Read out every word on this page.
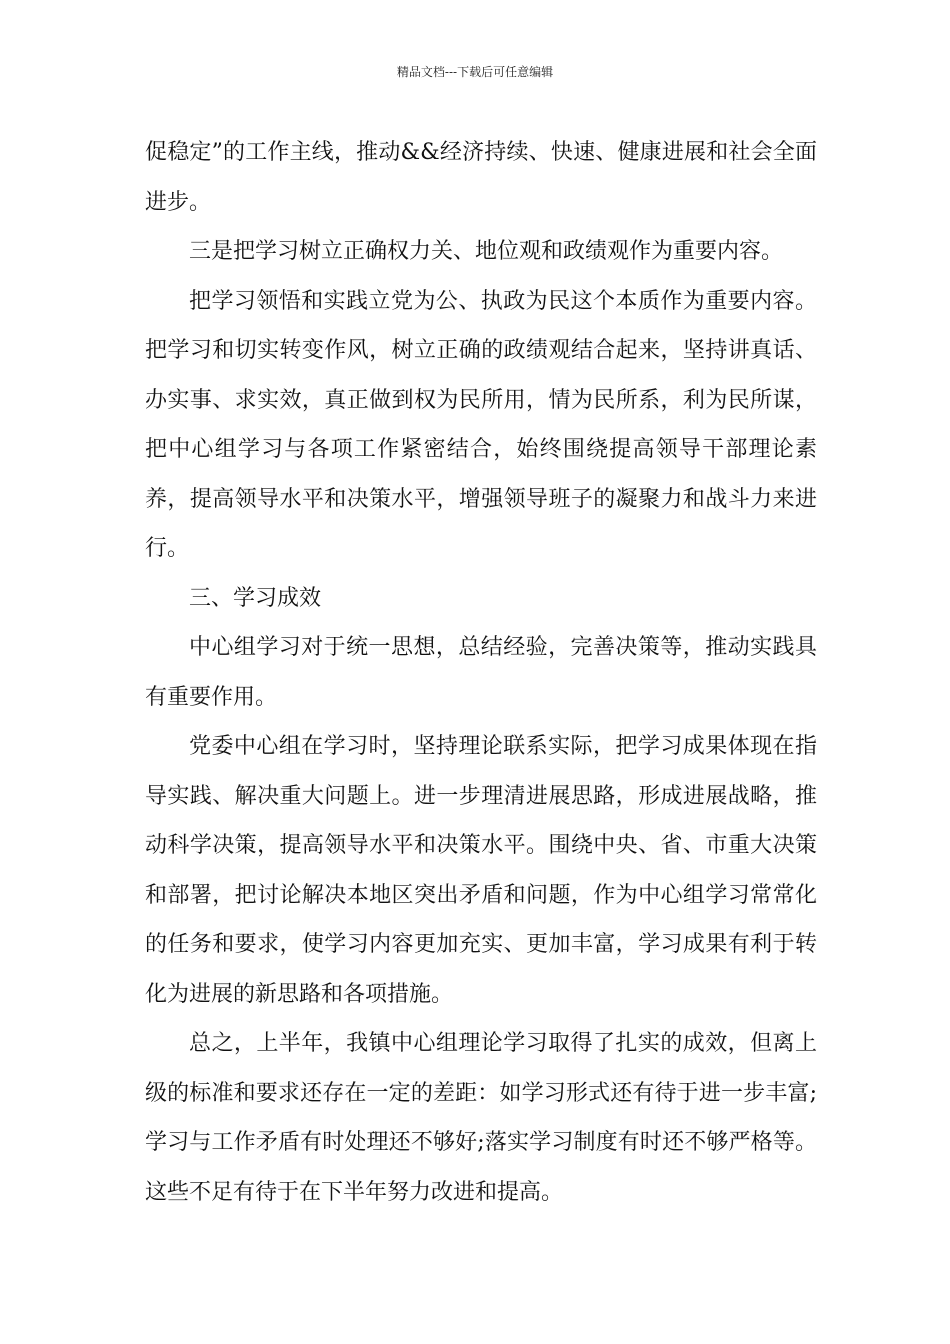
精品文档---下载后可任意编辑

促稳定”的工作主线，推动&&经济持续、快速、健康进展和社会全面进步。

三是把学习树立正确权力关、地位观和政绩观作为重要内容。

把学习领悟和实践立党为公、执政为民这个本质作为重要内容。把学习和切实转变作风，树立正确的政绩观结合起来，坚持讲真话、办实事、求实效，真正做到权为民所用，情为民所系，利为民所谋，把中心组学习与各项工作紧密结合，始终围绕提高领导干部理论素养，提高领导水平和决策水平，增强领导班子的凝聚力和战斗力来进行。

三、学习成效

中心组学习对于统一思想，总结经验，完善决策等，推动实践具有重要作用。

党委中心组在学习时，坚持理论联系实际，把学习成果体现在指导实践、解决重大问题上。进一步理清进展思路，形成进展战略，推动科学决策，提高领导水平和决策水平。围绕中央、省、市重大决策和部署，把讨论解决本地区突出矛盾和问题，作为中心组学习常常化的任务和要求，使学习内容更加充实、更加丰富，学习成果有利于转化为进展的新思路和各项措施。

总之，上半年，我镇中心组理论学习取得了扎实的成效，但离上级的标准和要求还存在一定的差距：如学习形式还有待于进一步丰富;学习与工作矛盾有时处理还不够好;落实学习制度有时还不够严格等。这些不足有待于在下半年努力改进和提高。
